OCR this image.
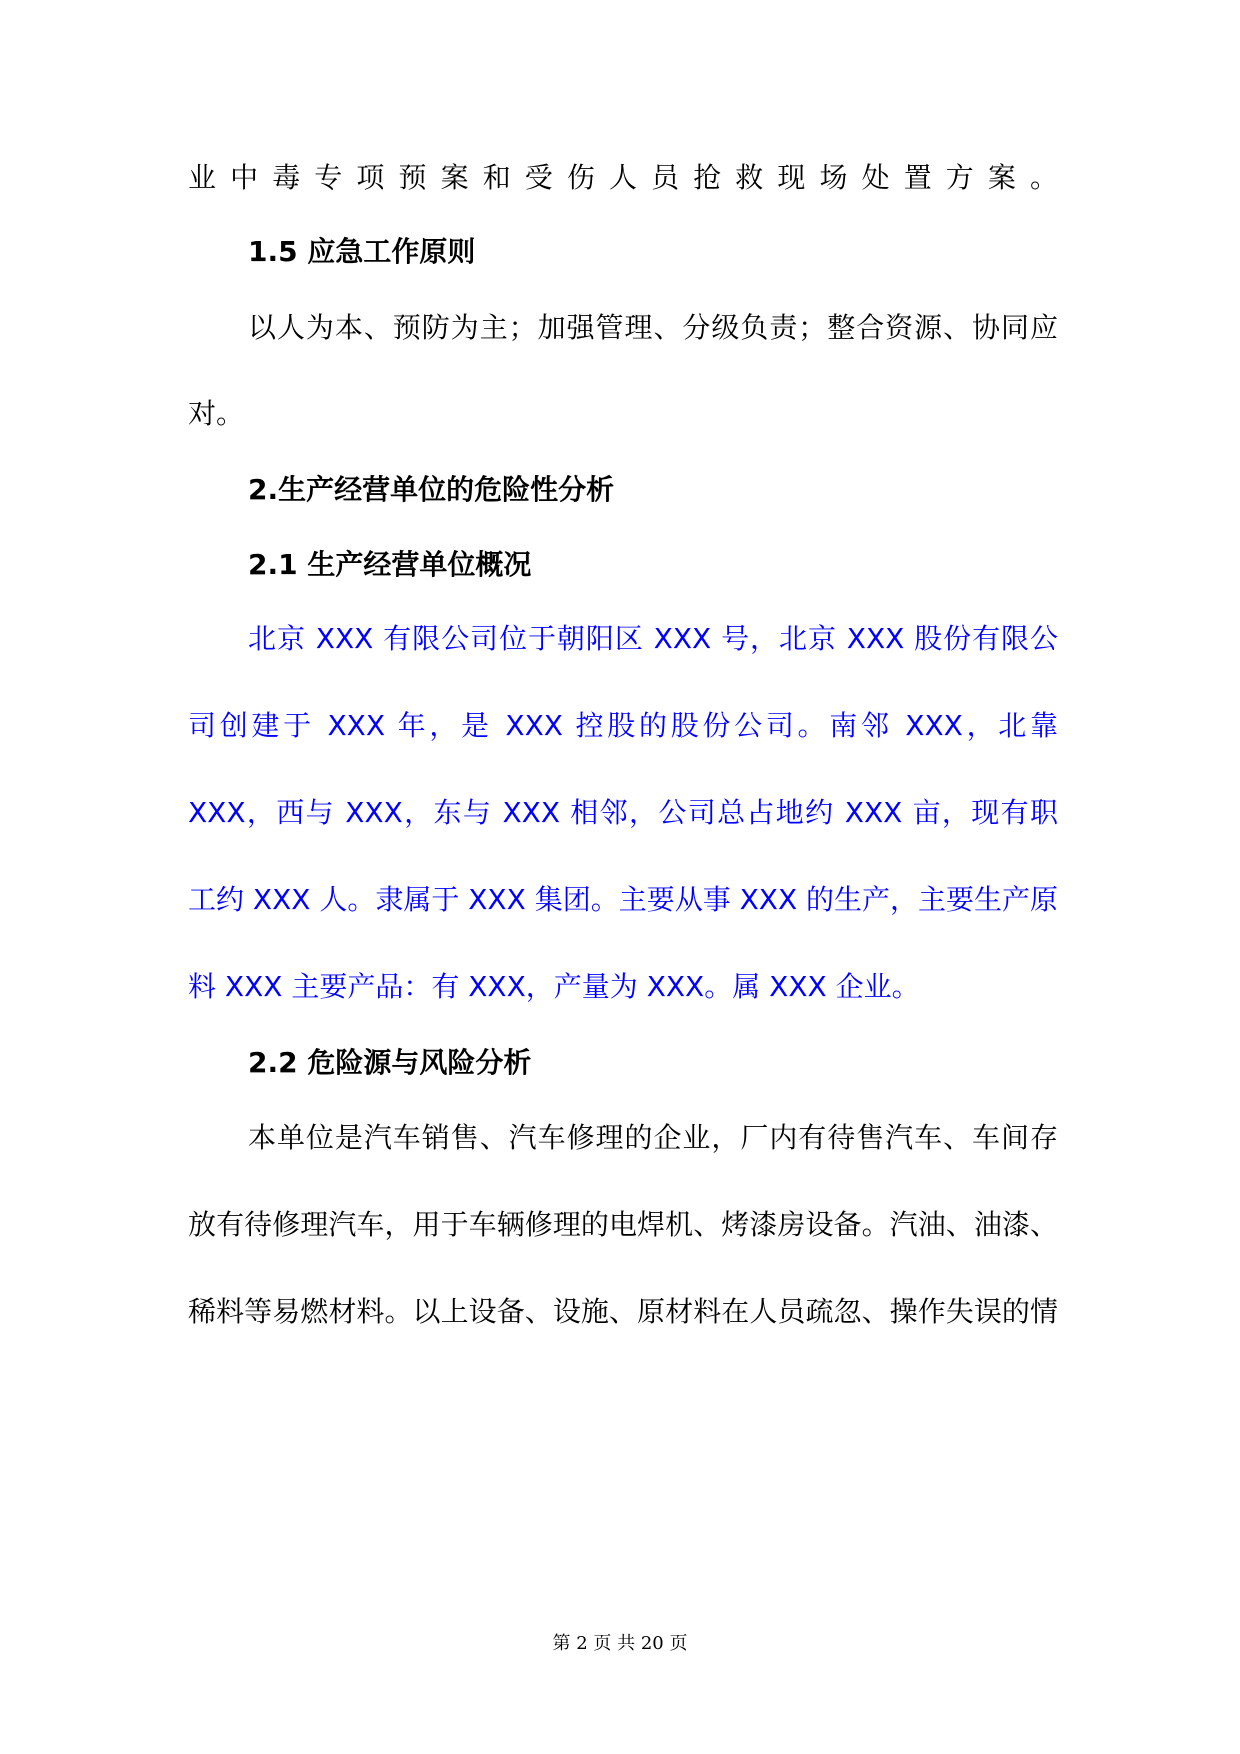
业中毒专项预案和受伤人员抢救现场处置方案。
1.5 应急工作原则
以人为本、预防为主；加强管理、分级负责；整合资源、协同应
对。
2.生产经营单位的危险性分析
2.1 生产经营单位概况
北京 XXX 有限公司位于朝阳区 XXX 号，北京 XXX 股份有限公
司创建于 XXX 年，是 XXX 控股的股份公司。南邻 XXX，北靠
XXX，西与 XXX，东与 XXX 相邻，公司总占地约 XXX 亩，现有职
工约 XXX 人。隶属于 XXX 集团。主要从事 XXX 的生产，主要生产原
料 XXX 主要产品：有 XXX，产量为 XXX。属 XXX 企业。
2.2 危险源与风险分析
本单位是汽车销售、汽车修理的企业，厂内有待售汽车、车间存
放有待修理汽车，用于车辆修理的电焊机、烤漆房设备。汽油、油漆、
稀料等易燃材料。以上设备、设施、原材料在人员疏忽、操作失误的情
第 2 页 共 20 页
